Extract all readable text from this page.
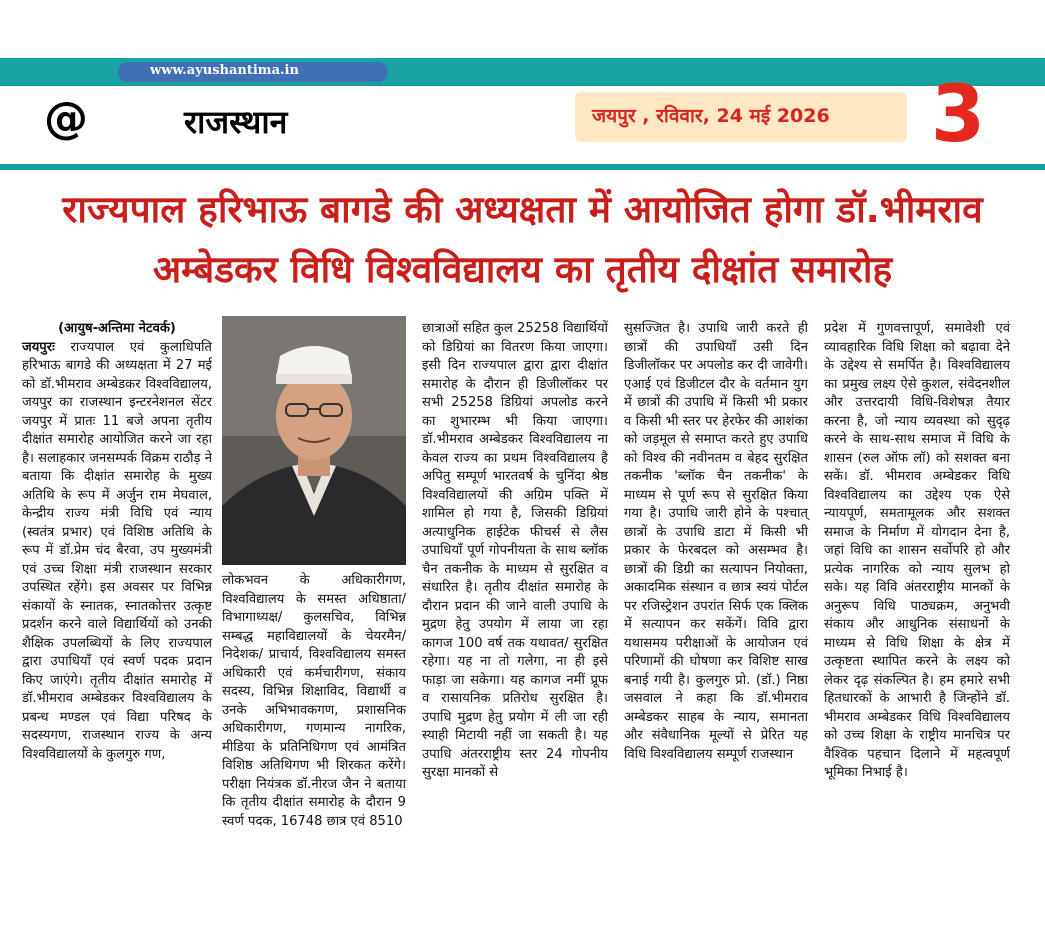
www.ayushantima.in
@	राजस्थान	जयपुर , रविवार, 24 मई 2026 3
राज्यपाल हरिभाऊ बागडे की अध्यक्षता में आयोजित होगा डॉ.भीमराव अम्बेडकर विधि विश्वविद्यालय का तृतीय दीक्षांत समारोह
(आयुष-अन्तिमा नेटवर्क)
जयपुरः राज्यपाल एवं कुलाधिपति हरिभाऊ बागडे की अध्यक्षता में 27 मई को डॉ.भीमराव अम्बेडकर विश्वविद्यालय, जयपुर का राजस्थान इन्टरनेशनल सेंटर जयपुर में प्रातः 11 बजे अपना तृतीय दीक्षांत समारोह आयोजित करने जा रहा है। सलाहकार जनसम्पर्क विक्रम राठौड़ ने बताया कि दीक्षांत समारोह के मुख्य अतिथि के रूप में अर्जुन राम मेघवाल, केन्द्रीय राज्य मंत्री विधि एवं न्याय (स्वतंत्र प्रभार) एवं विशिष्ठ अतिथि के रूप में डॉ.प्रेम चंद बैरवा, उप मुख्यमंत्री एवं उच्च शिक्षा मंत्री राजस्थान सरकार उपस्थित रहेंगे। इस अवसर पर विभिन्न संकायों के स्नातक, स्नातकोत्तर उत्कृष्ट प्रदर्शन करने वाले विद्यार्थियों को उनकी शैक्षिक उपलब्धियों के लिए राज्यपाल द्वारा उपाधियाँ एवं स्वर्ण पदक प्रदान किए जाएंगे। तृतीय दीक्षांत समारोह में डॉ.भीमराव अम्बेडकर विश्वविद्यालय के प्रबन्ध मण्डल एवं विद्या परिषद के सदस्यगण, राजस्थान राज्य के अन्य विश्वविद्यालयों के कुलगुरु गण,
लोकभवन के अधिकारीगण, विश्वविद्यालय के समस्त अधिष्ठाता/ विभागाध्यक्ष/ कुलसचिव, विभिन्न सम्बद्ध महाविद्यालयों के चेयरमैन/ निदेशक/ प्राचार्य, विश्वविद्यालय समस्त अधिकारी एवं कर्मचारीगण, संकाय सदस्य, विभिन्न शिक्षाविद, विद्यार्थी व उनके अभिभावकगण, प्रशासनिक अधिकारीगण, गणमान्य नागरिक, मीडिया के प्रतिनिधिगण एवं आमंत्रित विशिष्ठ अतिथिगण भी शिरकत करेंगे। परीक्षा नियंत्रक डॉ.नीरज जैन ने बताया कि तृतीय दीक्षांत समारोह के दौरान 9 स्वर्ण पदक, 16748 छात्र एवं 8510
छात्राओं सहित कुल 25258 विद्यार्थियों को डिग्रियां का वितरण किया जाएगा। इसी दिन राज्यपाल द्वारा द्वारा दीक्षांत समारोह के दौरान ही डिजीलॉकर पर सभी 25258 डिग्रियां अपलोड करने का शुभारम्भ भी किया जाएगा। डॉ.भीमराव अम्बेडकर विश्वविद्यालय ना केवल राज्य का प्रथम विश्वविद्यालय है अपितु सम्पूर्ण भारतवर्ष के चुनिंदा श्रेष्ठ विश्वविद्यालयों की अग्रिम पक्ति में शामिल हो गया है, जिसकी डिग्रियां अत्याधुनिक हाईटेक फीचर्स से लैस उपाधियाँ पूर्ण गोपनीयता के साथ ब्लॉक चैन तकनीक के माध्यम से सुरक्षित व संधारित है। तृतीय दीक्षांत समारोह के दौरान प्रदान की जाने वाली उपाधि के मुद्रण हेतु उपयोग में लाया जा रहा कागज 100 वर्ष तक यथावत/ सुरक्षित रहेगा। यह ना तो गलेगा, ना ही इसे फाड़ा जा सकेगा। यह कागज नमीं प्रूफ व रासायनिक प्रतिरोध सुरक्षित है। उपाधि मुद्रण हेतु प्रयोग में ली जा रही स्याही मिटायी नहीं जा सकती है। यह उपाधि अंतरराष्ट्रीय स्तर 24 गोपनीय सुरक्षा मानकों से
सुसज्जित है। उपाधि जारी करते ही छात्रों की उपाधियाँ उसी दिन डिजीलॉकर पर अपलोड कर दी जावेगी। एआई एवं डिजीटल दौर के वर्तमान युग में छात्रों की उपाधि में किसी भी प्रकार व किसी भी स्तर पर हेरफेर की आशंका को जड़मूल से समाप्त करते हुए उपाधि को विश्व की नवीनतम व बेहद सुरक्षित तकनीक 'ब्लॉक चैन तकनीक' के माध्यम से पूर्ण रूप से सुरक्षित किया गया है। उपाधि जारी होने के पश्चात् छात्रों के उपाधि डाटा में किसी भी प्रकार के फेरबदल को असम्भव है। छात्रों की डिग्री का सत्यापन नियोक्ता, अकादमिक संस्थान व छात्र स्वयं पोर्टल पर रजिस्ट्रेशन उपरांत सिर्फ एक क्लिक में सत्यापन कर सकेंगें। विवि द्वारा यथासमय परीक्षाओं के आयोजन एवं परिणामों की घोषणा कर विशिष्ट साख बनाई गयी है। कुलगुरु प्रो. (डॉ.) निष्ठा जसवाल ने कहा कि डॉ.भीमराव अम्बेडकर साहब के न्याय, समानता और संवैधानिक मूल्यों से प्रेरित यह विधि विश्वविद्यालय सम्पूर्ण राजस्थान
प्रदेश में गुणवत्तापूर्ण, समावेशी एवं व्यावहारिक विधि शिक्षा को बढ़ावा देने के उद्देश्य से समर्पित है। विश्वविद्यालय का प्रमुख लक्ष्य ऐसे कुशल, संवेदनशील और उत्तरदायी विधि-विशेषज्ञ तैयार करना है, जो न्याय व्यवस्था को सुदृढ़ करने के साथ-साथ समाज में विधि के शासन (रुल ऑफ लॉ) को सशक्त बना सकें। डॉ. भीमराव अम्बेडकर विधि विश्वविद्यालय का उद्देश्य एक ऐसे न्यायपूर्ण, समतामूलक और सशक्त समाज के निर्माण में योगदान देना है, जहां विधि का शासन सर्वोपरि हो और प्रत्येक नागरिक को न्याय सुलभ हो सके। यह विवि अंतरराष्ट्रीय मानकों के अनुरूप विधि पाठ्यक्रम, अनुभवी संकाय और आधुनिक संसाधनों के माध्यम से विधि शिक्षा के क्षेत्र में उत्कृष्टता स्थापित करने के लक्ष्य को लेकर दृढ़ संकल्पित है। हम हमारे सभी हितधारकों के आभारी है जिन्होंने डॉ. भीमराव अम्बेडकर विधि विश्वविद्यालय को उच्च शिक्षा के राष्ट्रीय मानचित्र पर वैश्विक पहचान दिलाने में महत्वपूर्ण भूमिका निभाई है।
